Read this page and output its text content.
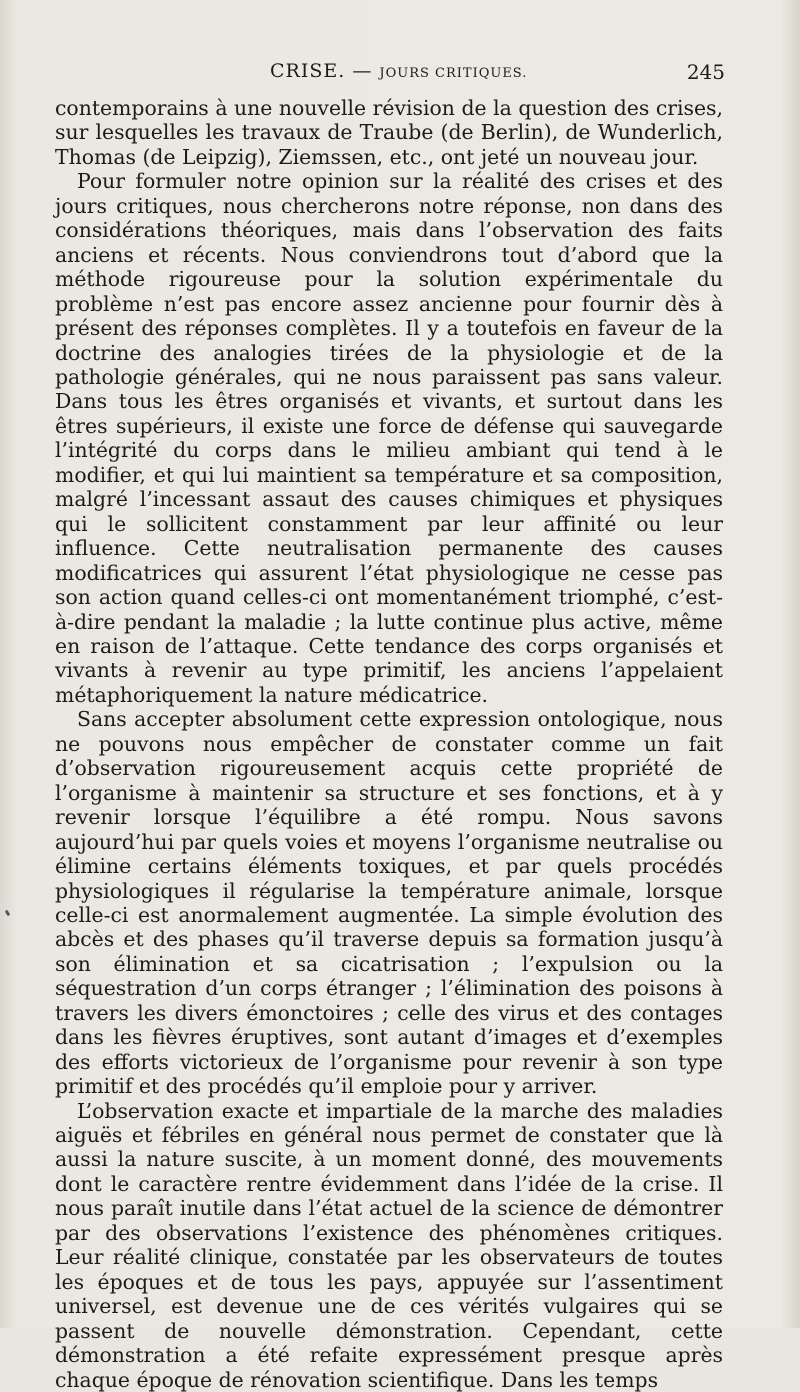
CRISE. — JOURS CRITIQUES.	245

contemporains à une nouvelle révision de la question des crises, sur lesquelles les travaux de Traube (de Berlin), de Wunderlich, Thomas (de Leipzig), Ziemssen, etc., ont jeté un nouveau jour.

Pour formuler notre opinion sur la réalité des crises et des jours critiques, nous chercherons notre réponse, non dans des considérations théoriques, mais dans l’observation des faits anciens et récents. Nous conviendrons tout d’abord que la méthode rigoureuse pour la solution expérimentale du problème n’est pas encore assez ancienne pour fournir dès à présent des réponses complètes. Il y a toutefois en faveur de la doctrine des analogies tirées de la physiologie et de la pathologie générales, qui ne nous paraissent pas sans valeur. Dans tous les êtres organisés et vivants, et surtout dans les êtres supérieurs, il existe une force de défense qui sauvegarde l’intégrité du corps dans le milieu ambiant qui tend à le modifier, et qui lui maintient sa température et sa composition, malgré l’incessant assaut des causes chimiques et physiques qui le sollicitent constamment par leur affinité ou leur influence. Cette neutralisation permanente des causes modificatrices qui assurent l’état physiologique ne cesse pas son action quand celles-ci ont momentanément triomphé, c’est-à-dire pendant la maladie ; la lutte continue plus active, même en raison de l’attaque. Cette tendance des corps organisés et vivants à revenir au type primitif, les anciens l’appelaient métaphoriquement la nature médicatrice.

Sans accepter absolument cette expression ontologique, nous ne pouvons nous empêcher de constater comme un fait d’observation rigoureusement acquis cette propriété de l’organisme à maintenir sa structure et ses fonctions, et à y revenir lorsque l’équilibre a été rompu. Nous savons aujourd’hui par quels voies et moyens l’organisme neutralise ou élimine certains éléments toxiques, et par quels procédés physiologiques il régularise la température animale, lorsque celle-ci est anormalement augmentée. La simple évolution des abcès et des phases qu’il traverse depuis sa formation jusqu’à son élimination et sa cicatrisation ; l’expulsion ou la séquestration d’un corps étranger ; l’élimination des poisons à travers les divers émonctoires ; celle des virus et des contages dans les fièvres éruptives, sont autant d’images et d’exemples des efforts victorieux de l’organisme pour revenir à son type primitif et des procédés qu’il emploie pour y arriver.

L’observation exacte et impartiale de la marche des maladies aiguës et fébriles en général nous permet de constater que là aussi la nature suscite, à un moment donné, des mouvements dont le caractère rentre évidemment dans l’idée de la crise. Il nous paraît inutile dans l’état actuel de la science de démontrer par des observations l’existence des phénomènes critiques. Leur réalité clinique, constatée par les observateurs de toutes les époques et de tous les pays, appuyée sur l’assentiment universel, est devenue une de ces vérités vulgaires qui se passent de nouvelle démonstration. Cependant, cette démonstration a été refaite expressément presque après chaque époque de rénovation scientifique. Dans les temps
